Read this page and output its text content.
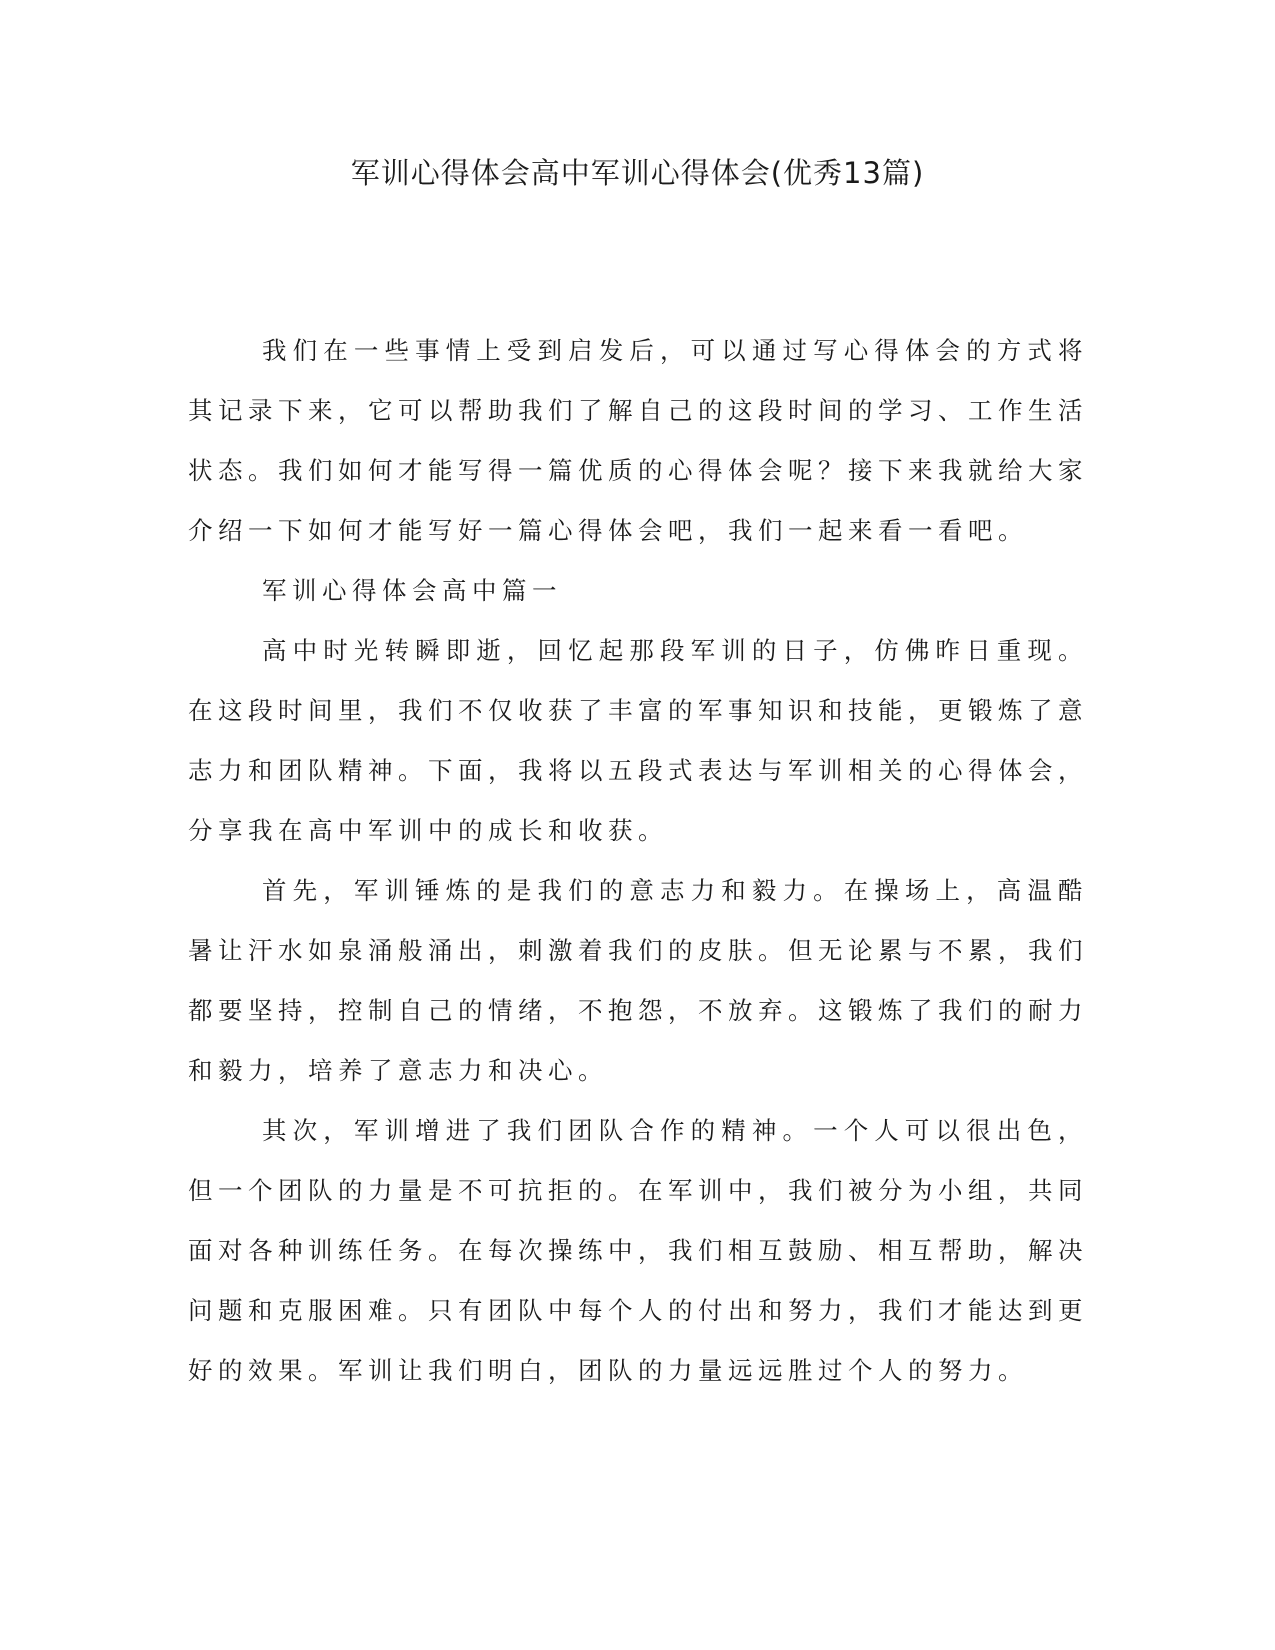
军训心得体会高中军训心得体会(优秀13篇)

我们在一些事情上受到启发后，可以通过写心得体会的方式将其记录下来，它可以帮助我们了解自己的这段时间的学习、工作生活状态。我们如何才能写得一篇优质的心得体会呢？接下来我就给大家介绍一下如何才能写好一篇心得体会吧，我们一起来看一看吧。

军训心得体会高中篇一

高中时光转瞬即逝，回忆起那段军训的日子，仿佛昨日重现。在这段时间里，我们不仅收获了丰富的军事知识和技能，更锻炼了意志力和团队精神。下面，我将以五段式表达与军训相关的心得体会，分享我在高中军训中的成长和收获。

首先，军训锤炼的是我们的意志力和毅力。在操场上，高温酷暑让汗水如泉涌般涌出，刺激着我们的皮肤。但无论累与不累，我们都要坚持，控制自己的情绪，不抱怨，不放弃。这锻炼了我们的耐力和毅力，培养了意志力和决心。

其次，军训增进了我们团队合作的精神。一个人可以很出色，但一个团队的力量是不可抗拒的。在军训中，我们被分为小组，共同面对各种训练任务。在每次操练中，我们相互鼓励、相互帮助，解决问题和克服困难。只有团队中每个人的付出和努力，我们才能达到更好的效果。军训让我们明白，团队的力量远远胜过个人的努力。
